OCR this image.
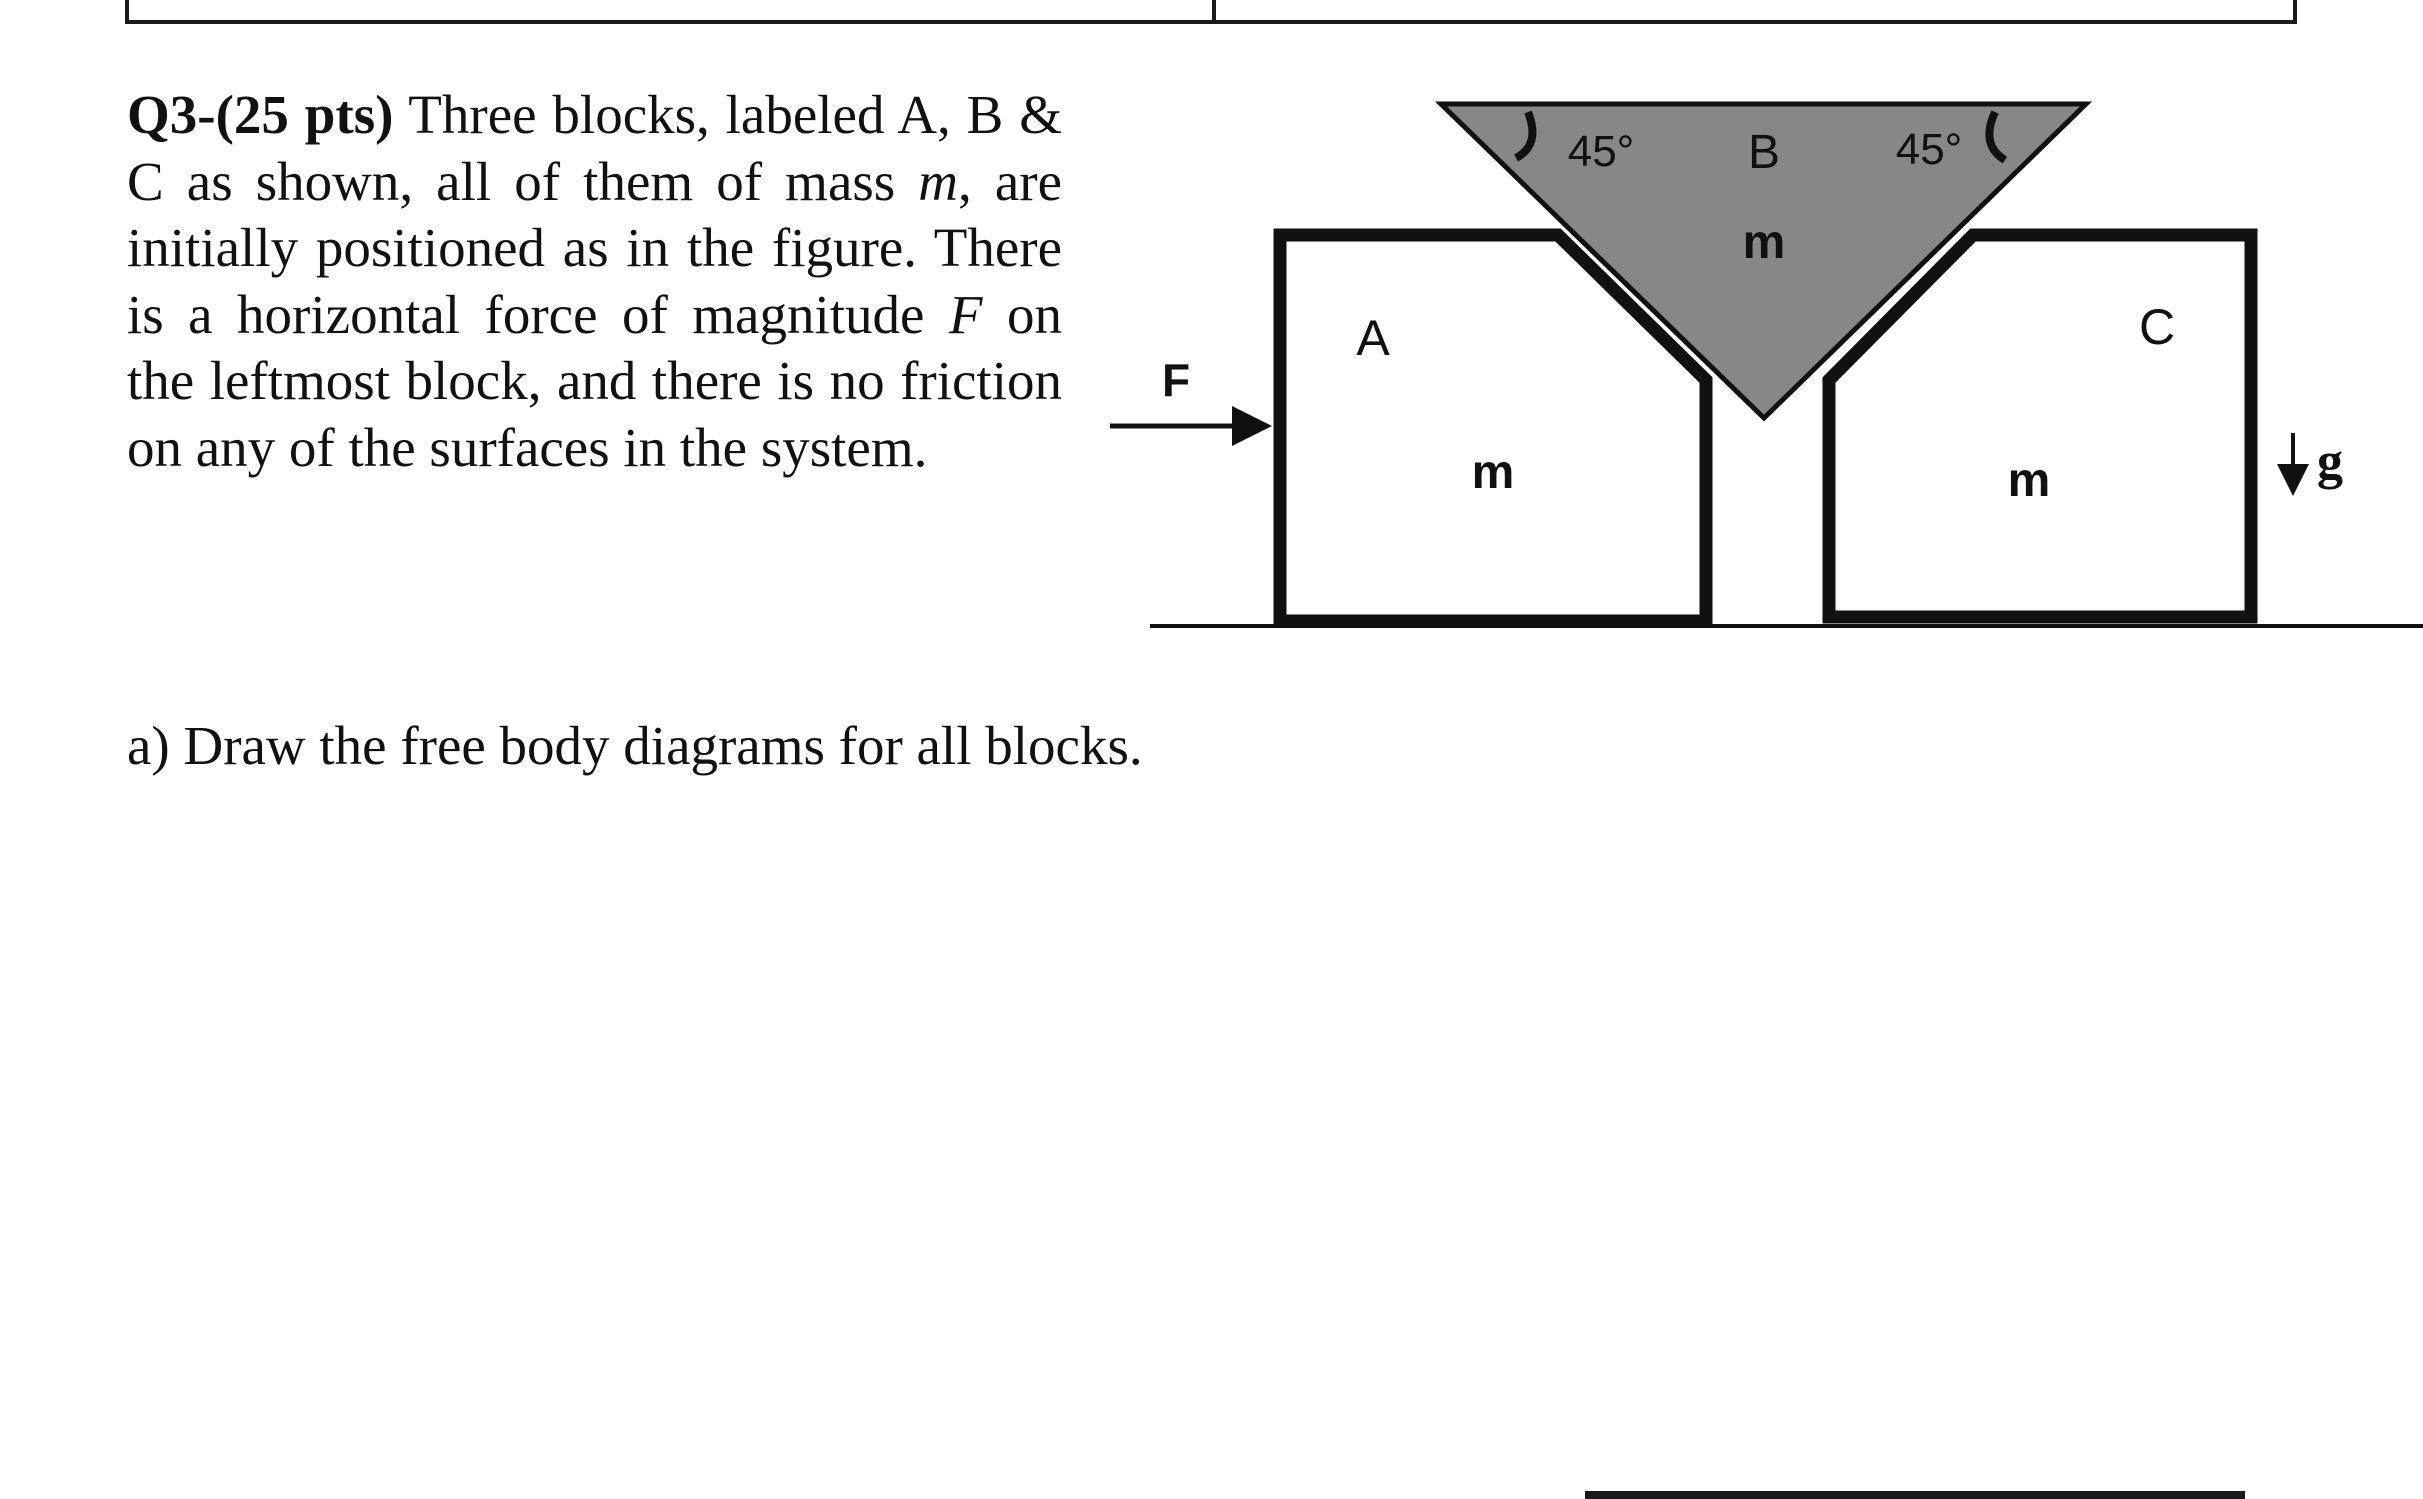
Q3-(25 pts) Three blocks, labeled A, B & C as shown, all of them of mass m, are initially positioned as in the figure. There is a horizontal force of magnitude F on the leftmost block, and there is no friction on any of the surfaces in the system.

F
A
m
B
m
45°	45°
C
m	g

a) Draw the free body diagrams for all blocks.
